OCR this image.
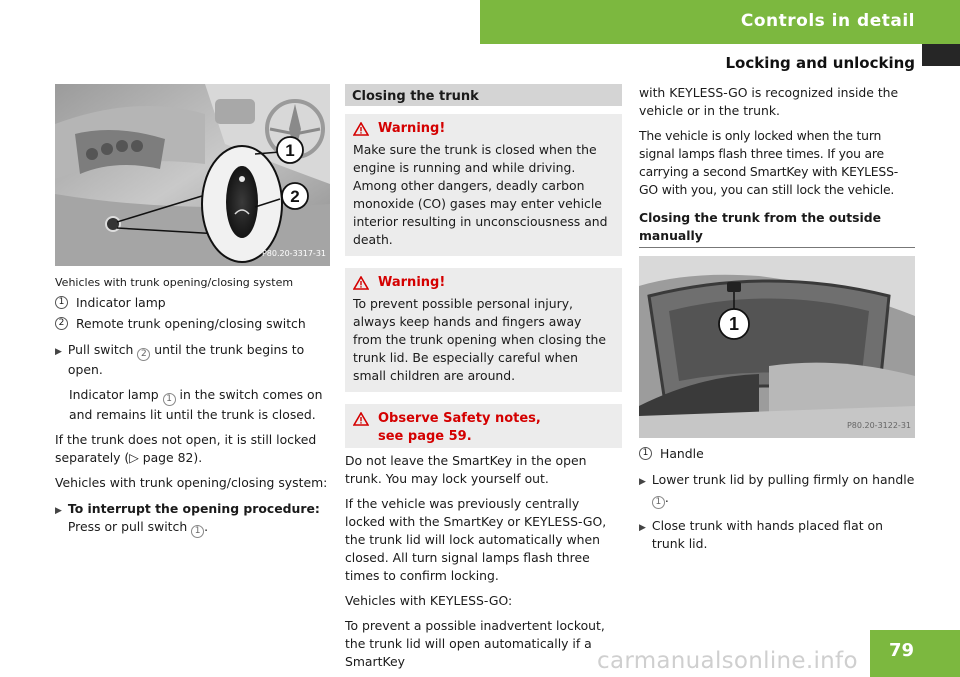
Controls in detail
Locking and unlocking
1
2
P80.20-3317-31
Vehicles with trunk opening/closing system
1 Indicator lamp
2 Remote trunk opening/closing switch
▶ Pull switch 2 until the trunk begins to open.
Indicator lamp 1 in the switch comes on and remains lit until the trunk is closed.
If the trunk does not open, it is still locked separately (▷ page 82).
Vehicles with trunk opening/closing system:
▶ To interrupt the opening procedure:
Press or pull switch 1 .
Closing the trunk
Warning!
Make sure the trunk is closed when the engine is running and while driving. Among other dangers, deadly carbon monoxide (CO) gases may enter vehicle interior resulting in unconsciousness and death.
Warning!
To prevent possible personal injury, always keep hands and fingers away from the trunk opening when closing the trunk lid. Be especially careful when small children are around.
Observe Safety notes, see page 59.
Do not leave the SmartKey in the open trunk. You may lock yourself out.
If the vehicle was previously centrally locked with the SmartKey or KEYLESS-GO, the trunk lid will lock automatically when closed. All turn signal lamps flash three times to confirm locking.
Vehicles with KEYLESS-GO:
To prevent a possible inadvertent lockout, the trunk lid will open automatically if a SmartKey
with KEYLESS-GO is recognized inside the vehicle or in the trunk.
The vehicle is only locked when the turn signal lamps flash three times. If you are carrying a second SmartKey with KEYLESS-GO with you, you can still lock the vehicle.
Closing the trunk from the outside manually
1
P80.20-3122-31
1 Handle
▶ Lower trunk lid by pulling firmly on handle 1 .
▶ Close trunk with hands placed flat on trunk lid.
79
carmanualsonline.info
